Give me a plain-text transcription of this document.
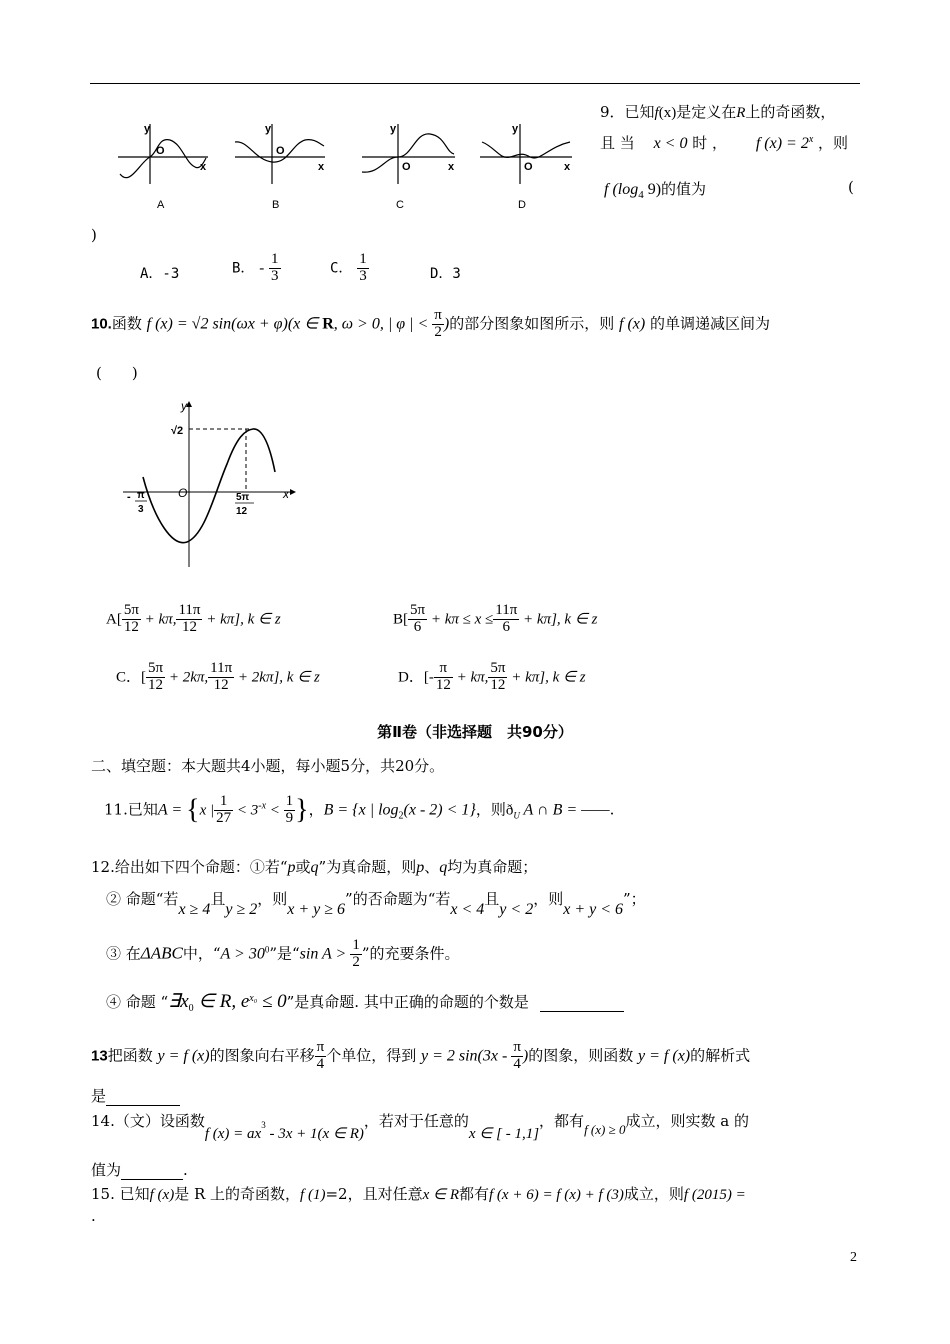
y
x
O
y
x
O
y
x
O
y
x
O
A	B	C	D
9．已知f(x)是定义在R上的奇函数，
且 当 x < 0 时 ， f $(x) = 2^x$ ，则
f ($\log_4$ 9)的值为	(
)
A．-3	B． - $\frac{1}{3}$	C． $\frac{1}{3}$	D．3
10.函数 f (x) = √2 sin(ωx + φ)(x ∈ R, ω > 0, | φ | < $\frac{\pi}{2}$ )的部分图象如图所示，则 f (x) 的单调递减区间为
(　　)
y
x
√2
O
- π
3
5π
12
$A[ \frac{5\pi}{12} + k\pi$, $\frac{11\pi}{12} + k\pi$], k ∈ z	$B[ \frac{5\pi}{6} + k\pi \le x \le \frac{11\pi}{6} + k\pi]$, k ∈ z
C．[ $\frac{5\pi}{12} + 2k\pi$, $\frac{11\pi}{12} + 2k\pi$], k ∈ z	D．[- $\frac{\pi}{12} + k\pi$, $\frac{5\pi}{12} + k\pi$], k ∈ z
第Ⅱ卷（非选择题　共90分）
二、填空题：本大题共4小题，每小题5分，共20分。
11.已知A = {x | $\frac{1}{27} < 3^{-x} < \frac{1}{9}$ }，B = {x | $\log_2(x - 2) < 1$}，则$ð_U$ A ∩ B = ——.
12.给出如下四个命题：①若“p或q”为真命题，则p、q均为真命题；
② 命题“若x ≥ 4且y ≥ 2，则x + y ≥ 6”的否命题为“若x < 4且y < 2，则x + y < 6”；
③ 在ΔABC中，“$A > 30^0$”是“sin $A > \frac{1}{2}$ ”的充要条件。
④ 命题 “$\exists x_0$ ∈ R, $e^{x_0} \le 0$”是真命题. 其中正确的命题的个数是
13把函数 y = f (x)的图象向右平移 $\frac{\pi}{4}$ 个单位，得到 y = 2 $\sin(3x - \frac{\pi}{4}$ )的图象，则函数 y = f (x)的解析式
是
14.（文）设函数f $(x) = ax^3 - 3x + 1(x$ ∈ R)，若对于任意的x ∈ [ - 1,1]，都有f (x) ≥ 0成立，则实数 a 的
值为	.
15. 已知f (x)是 R 上的奇函数，f (1)=2，且对任意x ∈ R都有f (x + 6) = f (x) + f (3)成立，则f (2015) =
.
2
